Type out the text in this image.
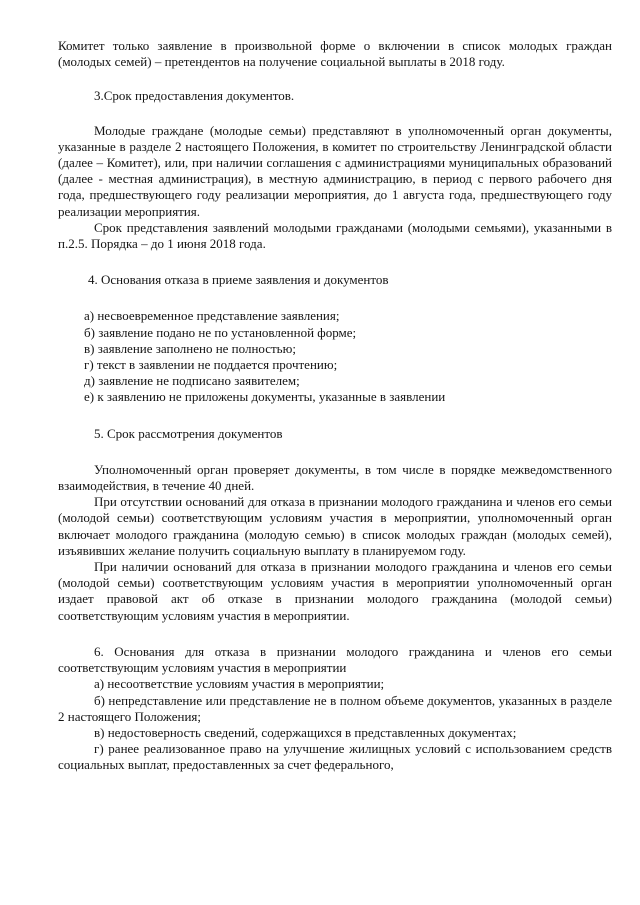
Комитет только заявление в произвольной форме о включении в список молодых граждан (молодых семей) – претендентов на получение социальной выплаты в 2018 году.

3.Срок предоставления документов.

Молодые граждане (молодые семьи) представляют в уполномоченный орган документы, указанные в разделе 2 настоящего Положения, в комитет по строительству Ленинградской области (далее – Комитет), или, при наличии соглашения с администрациями муниципальных образований (далее - местная администрация), в местную администрацию, в период с первого рабочего дня года, предшествующего году реализации мероприятия, до 1 августа года, предшествующего году реализации мероприятия.

Срок представления заявлений молодыми гражданами (молодыми семьями), указанными в п.2.5. Порядка – до 1 июня 2018 года.

4. Основания отказа в приеме заявления и документов

а) несвоевременное представление заявления;

б) заявление подано не по установленной форме;

в) заявление заполнено не полностью;

г) текст в заявлении не поддается прочтению;

д) заявление не подписано заявителем;

е) к заявлению не приложены документы, указанные в заявлении

5. Срок рассмотрения документов

Уполномоченный орган проверяет документы, в том числе в порядке межведомственного взаимодействия, в течение 40 дней.

При отсутствии оснований для отказа в признании молодого гражданина и членов его семьи (молодой семьи) соответствующим условиям участия в мероприятии, уполномоченный орган включает молодого гражданина (молодую семью) в список молодых граждан (молодых семей), изъявивших желание получить социальную выплату в планируемом году.

При наличии оснований для отказа в признании молодого гражданина и членов его семьи (молодой семьи) соответствующим условиям участия в мероприятии уполномоченный орган издает правовой акт об отказе в признании молодого гражданина (молодой семьи) соответствующим условиям участия в мероприятии.

6. Основания для отказа в признании молодого гражданина и членов его семьи соответствующим условиям участия в мероприятии

а) несоответствие условиям участия в мероприятии;

б) непредставление или представление не в полном объеме документов, указанных в разделе 2 настоящего Положения;

в) недостоверность сведений, содержащихся в представленных документах;

г) ранее реализованное право на улучшение жилищных условий с использованием средств социальных выплат, предоставленных за счет федерального,
